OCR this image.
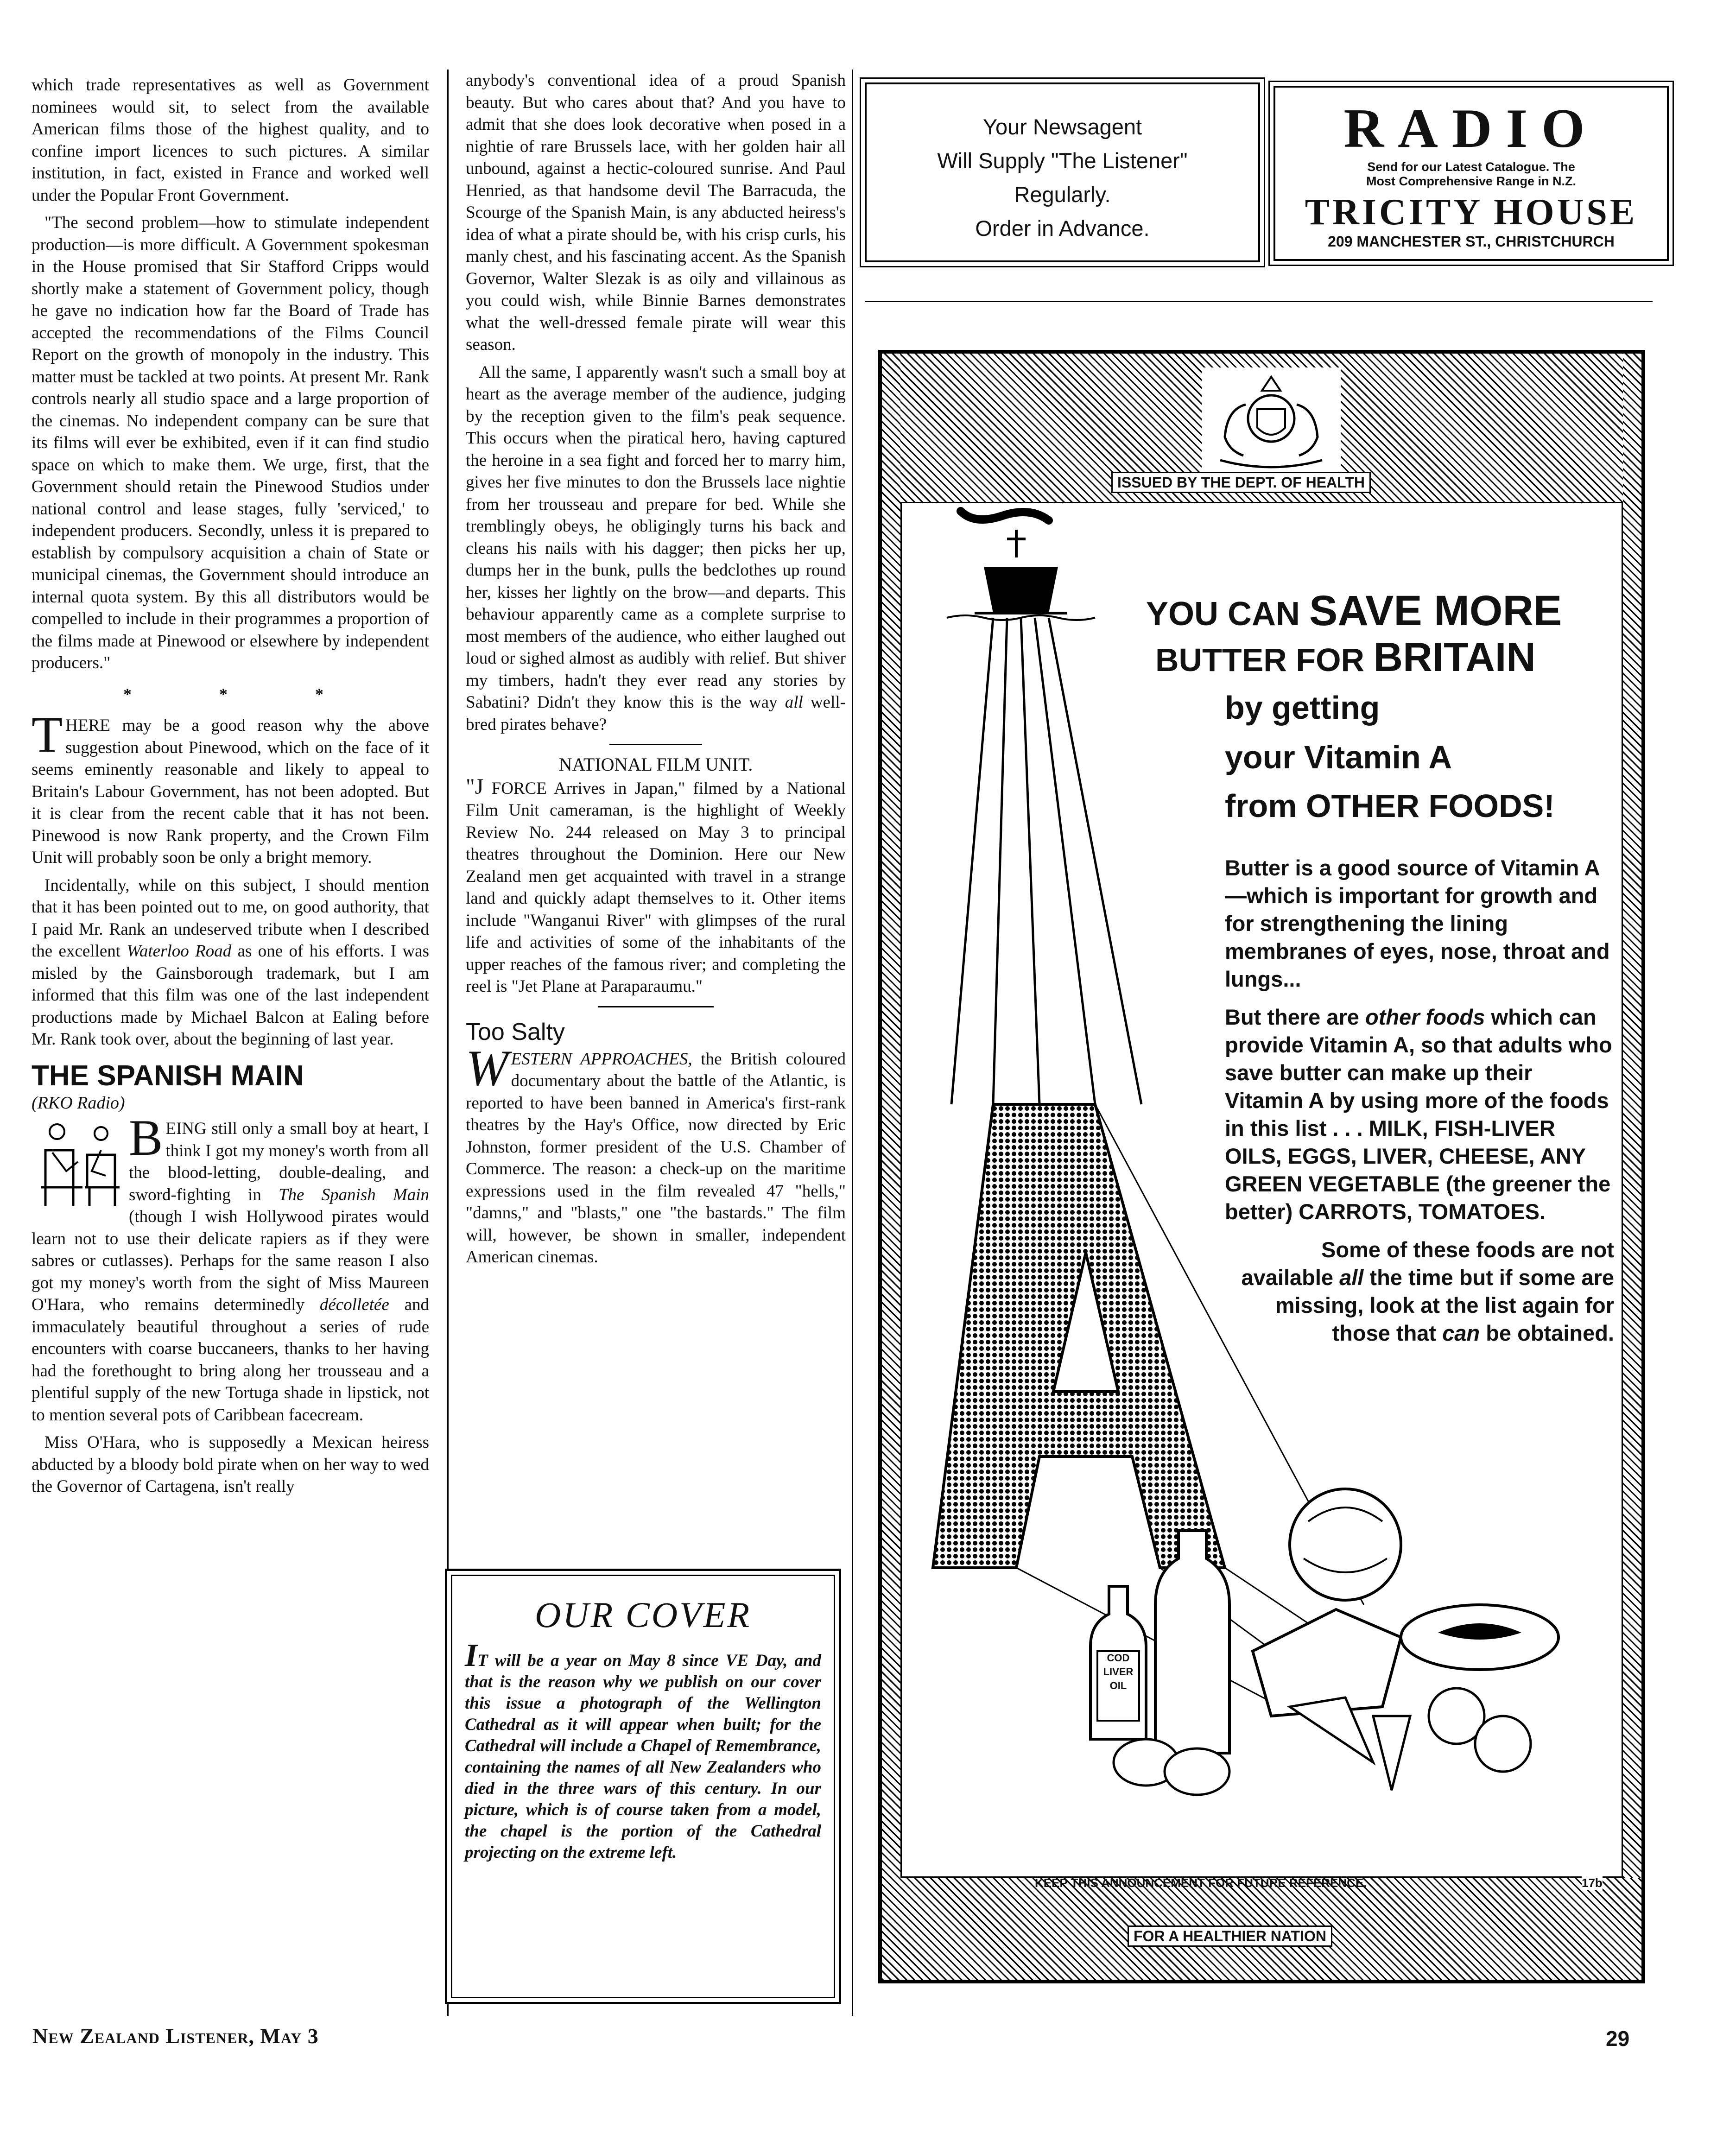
which trade representatives as well as Government nominees would sit, to select from the available American films those of the highest quality, and to confine import licences to such pictures. A similar institution, in fact, existed in France and worked well under the Popular Front Government.

"The second problem—how to stimulate independent production—is more difficult. A Government spokesman in the House promised that Sir Stafford Cripps would shortly make a statement of Government policy, though he gave no indication how far the Board of Trade has accepted the recommendations of the Films Council Report on the growth of monopoly in the industry. This matter must be tackled at two points. At present Mr. Rank controls nearly all studio space and a large proportion of the cinemas. No independent company can be sure that its films will ever be exhibited, even if it can find studio space on which to make them. We urge, first, that the Government should retain the Pinewood Studios under national control and lease stages, fully 'serviced,' to independent producers. Secondly, unless it is prepared to establish by compulsory acquisition a chain of State or municipal cinemas, the Government should introduce an internal quota system. By this all distributors would be compelled to include in their programmes a proportion of the films made at Pinewood or elsewhere by independent producers."

* * *

THERE may be a good reason why the above suggestion about Pinewood, which on the face of it seems eminently reasonable and likely to appeal to Britain's Labour Government, has not been adopted. But it is clear from the recent cable that it has not been. Pinewood is now Rank property, and the Crown Film Unit will probably soon be only a bright memory.

Incidentally, while on this subject, I should mention that it has been pointed out to me, on good authority, that I paid Mr. Rank an undeserved tribute when I described the excellent Waterloo Road as one of his efforts. I was misled by the Gainsborough trademark, but I am informed that this film was one of the last independent productions made by Michael Balcon at Ealing before Mr. Rank took over, about the beginning of last year.

THE SPANISH MAIN
(RKO Radio)

BEING still only a small boy at heart, I think I got my money's worth from all the blood-letting, double-dealing, and sword-fighting in The Spanish Main (though I wish Hollywood pirates would learn not to use their delicate rapiers as if they were sabres or cutlasses). Perhaps for the same reason I also got my money's worth from the sight of Miss Maureen O'Hara, who remains determinedly décolletée and immaculately beautiful throughout a series of rude encounters with coarse buccaneers, thanks to her having had the forethought to bring along her trousseau and a plentiful supply of the new Tortuga shade in lipstick, not to mention several pots of Caribbean facecream.

Miss O'Hara, who is supposedly a Mexican heiress abducted by a bloody bold pirate when on her way to wed the Governor of Cartagena, isn't really

anybody's conventional idea of a proud Spanish beauty. But who cares about that? And you have to admit that she does look decorative when posed in a nightie of rare Brussels lace, with her golden hair all unbound, against a hectic-coloured sunrise. And Paul Henried, as that handsome devil The Barracuda, the Scourge of the Spanish Main, is any abducted heiress's idea of what a pirate should be, with his crisp curls, his manly chest, and his fascinating accent. As the Spanish Governor, Walter Slezak is as oily and villainous as you could wish, while Binnie Barnes demonstrates what the well-dressed female pirate will wear this season.

All the same, I apparently wasn't such a small boy at heart as the average member of the audience, judging by the reception given to the film's peak sequence. This occurs when the piratical hero, having captured the heroine in a sea fight and forced her to marry him, gives her five minutes to don the Brussels lace nightie from her trousseau and prepare for bed. While she tremblingly obeys, he obligingly turns his back and cleans his nails with his dagger; then picks her up, dumps her in the bunk, pulls the bedclothes up round her, kisses her lightly on the brow—and departs. This behaviour apparently came as a complete surprise to most members of the audience, who either laughed out loud or sighed almost as audibly with relief. But shiver my timbers, hadn't they ever read any stories by Sabatini? Didn't they know this is the way all well-bred pirates behave?

NATIONAL FILM UNIT.

"J FORCE Arrives in Japan," filmed by a National Film Unit cameraman, is the highlight of Weekly Review No. 244 released on May 3 to principal theatres throughout the Dominion. Here our New Zealand men get acquainted with travel in a strange land and quickly adapt themselves to it. Other items include "Wanganui River" with glimpses of the rural life and activities of some of the inhabitants of the upper reaches of the famous river; and completing the reel is "Jet Plane at Paraparaumu."

Too Salty

WESTERN APPROACHES, the British coloured documentary about the battle of the Atlantic, is reported to have been banned in America's first-rank theatres by the Hay's Office, now directed by Eric Johnston, former president of the U.S. Chamber of Commerce. The reason: a check-up on the maritime expressions used in the film revealed 47 "hells," "damns," and "blasts," one "the bastards." The film will, however, be shown in smaller, independent American cinemas.

OUR COVER
IT will be a year on May 8 since VE Day, and that is the reason why we publish on our cover this issue a photograph of the Wellington Cathedral as it will appear when built; for the Cathedral will include a Chapel of Remembrance, containing the names of all New Zealanders who died in the three wars of this century. In our picture, which is of course taken from a model, the chapel is the portion of the Cathedral projecting on the extreme left.
Your Newsagent
Will Supply "The Listener"
Regularly.
Order in Advance.
RADIO
Send for our Latest Catalogue. The
Most Comprehensive Range in N.Z.
TRICITY HOUSE
209 MANCHESTER ST., CHRISTCHURCH
ISSUED BY THE DEPT. OF HEALTH
A
COD LIVER OIL
YOU CAN SAVE MORE
BUTTER FOR BRITAIN
by getting
your Vitamin A
from OTHER FOODS!

Butter is a good source of Vitamin A—which is important for growth and for strengthening the lining membranes of eyes, nose, throat and lungs...

But there are other foods which can provide Vitamin A, so that adults who save butter can make up their Vitamin A by using more of the foods in this list . . . MILK, FISH-LIVER OILS, EGGS, LIVER, CHEESE, ANY GREEN VEGETABLE (the greener the better) CARROTS, TOMATOES.

Some of these foods are not available all the time but if some are missing, look at the list again for those that can be obtained.

KEEP THIS ANNOUNCEMENT FOR FUTURE REFERENCE.	17b
FOR A HEALTHIER NATION
New Zealand Listener, May 3	29
